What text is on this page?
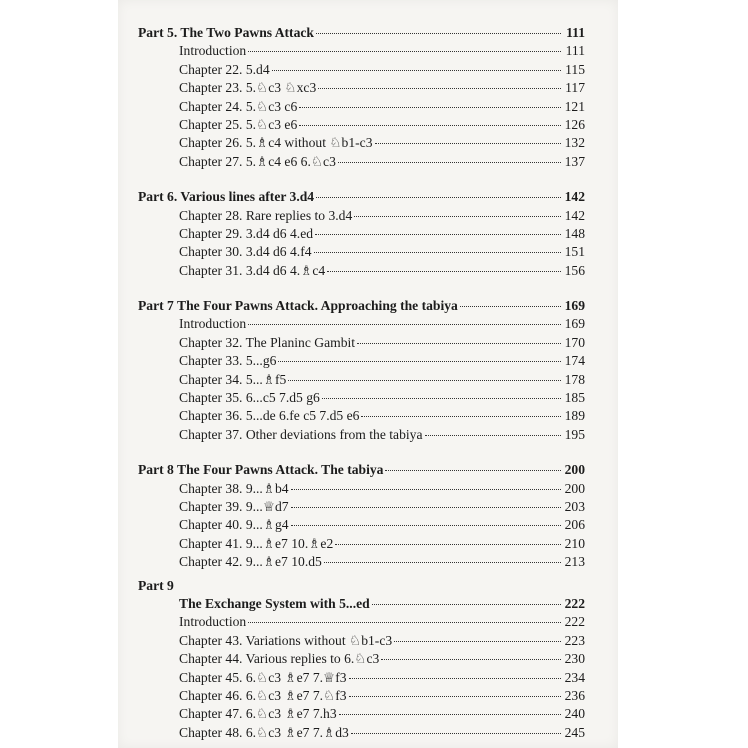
Part 5. The Two Pawns Attack	111
Introduction	111
Chapter 22. 5.d4	115
Chapter 23. 5.♘c3 ♘xc3	117
Chapter 24. 5.♘c3 c6	121
Chapter 25. 5.♘c3 e6	126
Chapter 26. 5.♗c4 without ♘b1-c3	132
Chapter 27. 5.♗c4 e6 6.♘c3	137
Part 6. Various lines after 3.d4	142
Chapter 28. Rare replies to 3.d4	142
Chapter 29. 3.d4 d6 4.ed	148
Chapter 30. 3.d4 d6 4.f4	151
Chapter 31. 3.d4 d6 4.♗c4	156
Part 7 The Four Pawns Attack. Approaching the tabiya	169
Introduction	169
Chapter 32. The Planinc Gambit	170
Chapter 33. 5...g6	174
Chapter 34. 5...♗f5	178
Chapter 35. 6...c5 7.d5 g6	185
Chapter 36. 5...de 6.fe c5 7.d5 e6	189
Chapter 37. Other deviations from the tabiya	195
Part 8 The Four Pawns Attack. The tabiya	200
Chapter 38. 9...♗b4	200
Chapter 39. 9...♕d7	203
Chapter 40. 9...♗g4	206
Chapter 41. 9...♗e7 10.♗e2	210
Chapter 42. 9...♗e7 10.d5	213
Part 9
The Exchange System with 5...ed	222
Introduction	222
Chapter 43. Variations without ♘b1-c3	223
Chapter 44. Various replies to 6.♘c3	230
Chapter 45. 6.♘c3 ♗e7 7.♕f3	234
Chapter 46. 6.♘c3 ♗e7 7.♘f3	236
Chapter 47. 6.♘c3 ♗e7 7.h3	240
Chapter 48. 6.♘c3 ♗e7 7.♗d3	245
